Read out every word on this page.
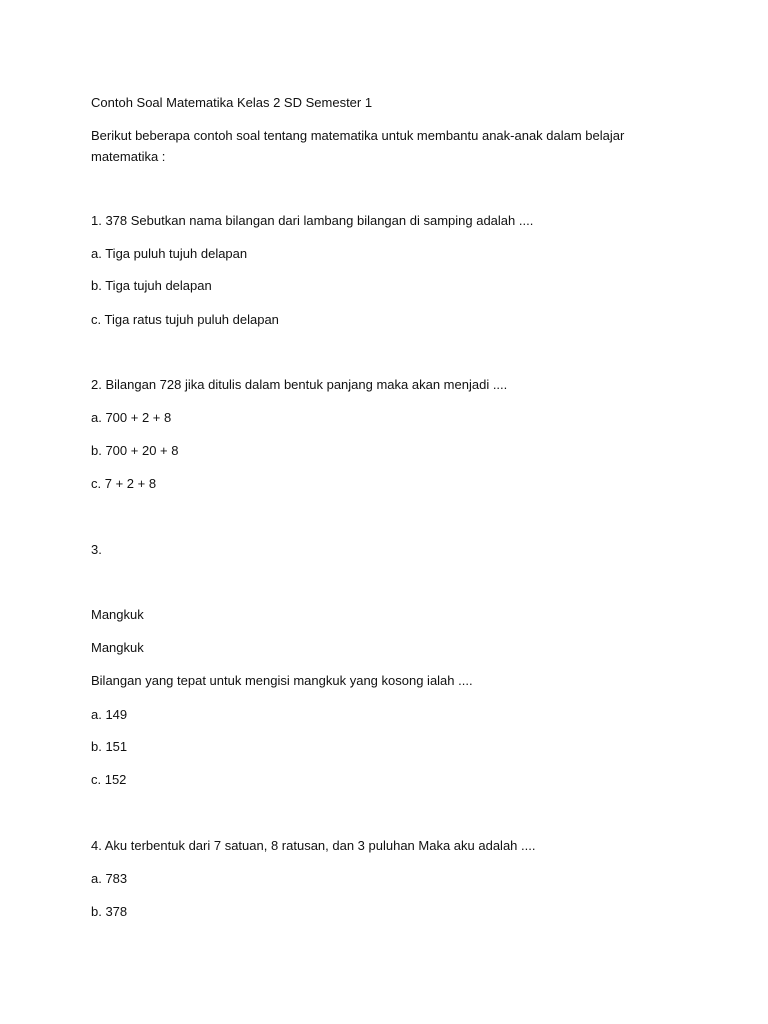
Contoh Soal Matematika Kelas 2 SD Semester 1
Berikut beberapa contoh soal tentang matematika untuk membantu anak-anak dalam belajar matematika :
1. 378 Sebutkan nama bilangan dari lambang bilangan di samping adalah ....
a. Tiga puluh tujuh delapan
b. Tiga tujuh delapan
c. Tiga ratus tujuh puluh delapan
2. Bilangan 728 jika ditulis dalam bentuk panjang maka akan menjadi ....
a. 700 + 2 + 8
b. 700 + 20 + 8
c. 7 + 2 + 8
3.
Mangkuk
Mangkuk
Bilangan yang tepat untuk mengisi mangkuk yang kosong ialah ....
a. 149
b. 151
c. 152
4. Aku terbentuk dari 7 satuan, 8 ratusan, dan 3 puluhan Maka aku adalah ....
a. 783
b. 378
